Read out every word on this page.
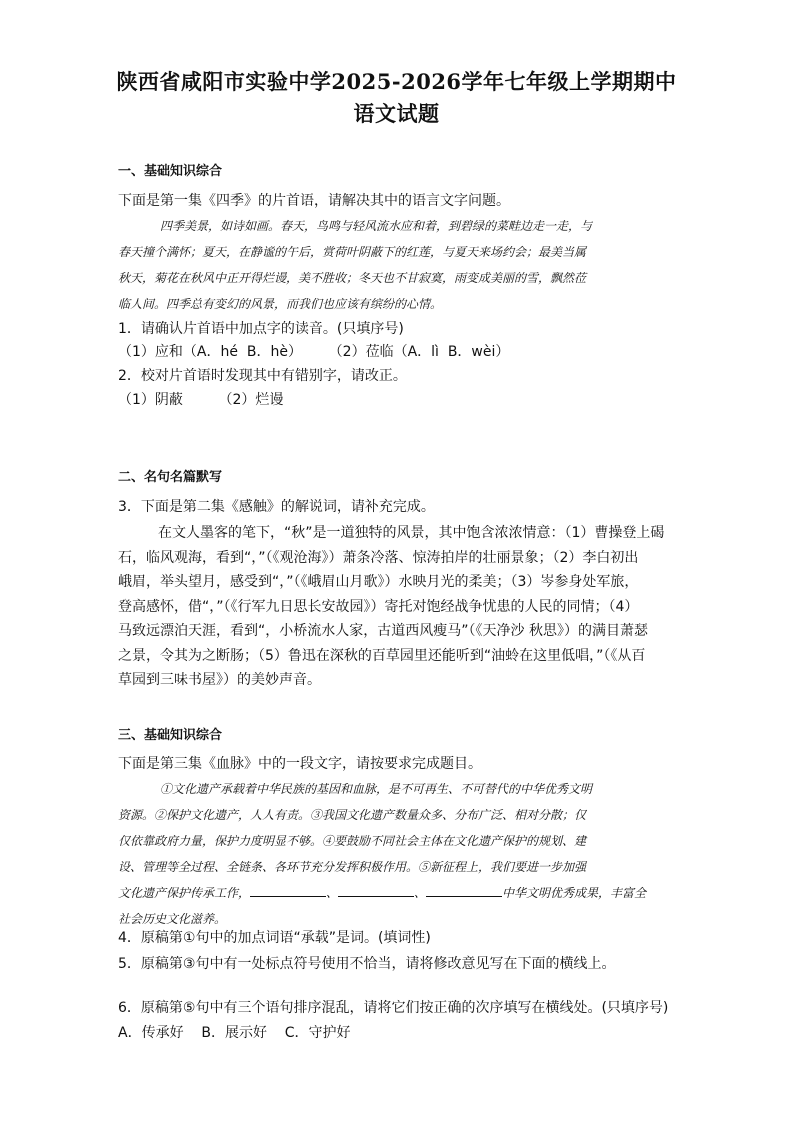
陕西省咸阳市实验中学2025-2026学年七年级上学期期中
语文试题
一、基础知识综合
下面是第一集《四季》的片首语，请解决其中的语言文字问题。
四季美景，如诗如画。春天，鸟鸣与轻风流水应和着，到碧绿的菜畦边走一走，与
春天撞个满怀；夏天，在静谧的午后，赏荷叶阴蔽下的红莲，与夏天来场约会；最美当属
秋天，菊花在秋风中正开得烂谩，美不胜收；冬天也不甘寂寞，雨变成美丽的雪，飘然莅
临人间。四季总有变幻的风景，而我们也应该有缤纷的心情。
1．请确认片首语中加点字的读音。(只填序号)
（1）应和（A．hé  B．hè）      （2）莅临（A．lì  B．wèi）
2．校对片首语时发现其中有错别字，请改正。
（1）阴蔽        （2）烂谩
二、名句名篇默写
3．下面是第二集《感触》的解说词，请补充完成。
在文人墨客的笔下，“秋”是一道独特的风景，其中饱含浓浓情意：（1）曹操登上碣
石，临风观海，看到“，”（《观沧海》）萧条冷落、惊涛拍岸的壮丽景象；（2）李白初出
峨眉，举头望月，感受到“，”（《峨眉山月歌》）水映月光的柔美；（3）岑参身处军旅，
登高感怀，借“，”（《行军九日思长安故园》）寄托对饱经战争忧患的人民的同情；（4）
马致远漂泊天涯，看到“，小桥流水人家，古道西风瘦马”（《天净沙 秋思》）的满目萧瑟
之景，令其为之断肠；（5）鲁迅在深秋的百草园里还能听到“油蛉在这里低唱，”（《从百
草园到三味书屋》）的美妙声音。
三、基础知识综合
下面是第三集《血脉》中的一段文字，请按要求完成题目。
①文化遗产承载着中华民族的基因和血脉，是不可再生、不可替代的中华优秀文明
资源。②保护文化遗产，人人有责。③我国文化遗产数量众多、分布广泛、相对分散；仅
仅依靠政府力量，保护力度明显不够。④要鼓励不同社会主体在文化遗产保护的规划、建
设、管理等全过程、全链条、各环节充分发挥积极作用。⑤新征程上，我们要进一步加强
文化遗产保护传承工作，	、	、	中华文明优秀成果，丰富全
社会历史文化滋养。
4．原稿第①句中的加点词语“承载”是词。(填词性)
5．原稿第③句中有一处标点符号使用不恰当，请将修改意见写在下面的横线上。
6．原稿第⑤句中有三个语句排序混乱，请将它们按正确的次序填写在横线处。(只填序号)
A．传承好    B．展示好    C．守护好
